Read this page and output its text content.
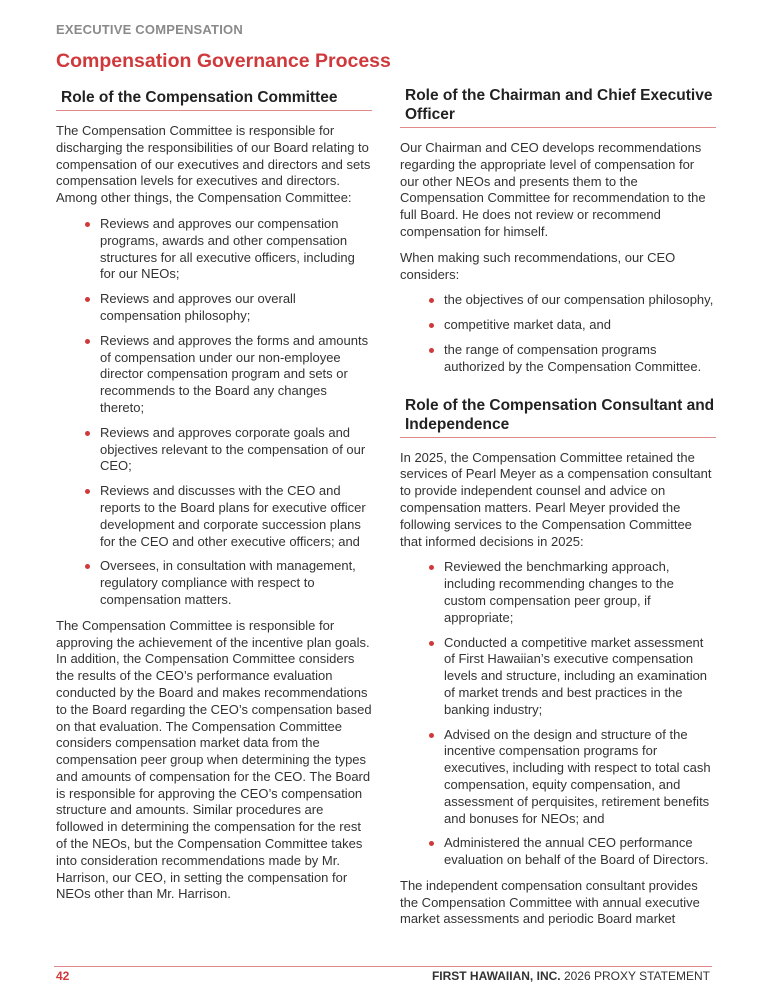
EXECUTIVE COMPENSATION
Compensation Governance Process
Role of the Compensation Committee

The Compensation Committee is responsible for discharging the responsibilities of our Board relating to compensation of our executives and directors and sets compensation levels for executives and directors. Among other things, the Compensation Committee:

Reviews and approves our compensation programs, awards and other compensation structures for all executive officers, including for our NEOs;
Reviews and approves our overall compensation philosophy;
Reviews and approves the forms and amounts of compensation under our non-employee director compensation program and sets or recommends to the Board any changes thereto;
Reviews and approves corporate goals and objectives relevant to the compensation of our CEO;
Reviews and discusses with the CEO and reports to the Board plans for executive officer development and corporate succession plans for the CEO and other executive officers; and
Oversees, in consultation with management, regulatory compliance with respect to compensation matters.

The Compensation Committee is responsible for approving the achievement of the incentive plan goals. In addition, the Compensation Committee considers the results of the CEO’s performance evaluation conducted by the Board and makes recommendations to the Board regarding the CEO’s compensation based on that evaluation. The Compensation Committee considers compensation market data from the compensation peer group when determining the types and amounts of compensation for the CEO. The Board is responsible for approving the CEO’s compensation structure and amounts. Similar procedures are followed in determining the compensation for the rest of the NEOs, but the Compensation Committee takes into consideration recommendations made by Mr. Harrison, our CEO, in setting the compensation for NEOs other than Mr. Harrison.

Role of the Chairman and Chief Executive Officer

Our Chairman and CEO develops recommendations regarding the appropriate level of compensation for our other NEOs and presents them to the Compensation Committee for recommendation to the full Board. He does not review or recommend compensation for himself.

When making such recommendations, our CEO considers:

the objectives of our compensation philosophy,
competitive market data, and
the range of compensation programs authorized by the Compensation Committee.
Role of the Compensation Consultant and Independence

In 2025, the Compensation Committee retained the services of Pearl Meyer as a compensation consultant to provide independent counsel and advice on compensation matters. Pearl Meyer provided the following services to the Compensation Committee that informed decisions in 2025:

Reviewed the benchmarking approach, including recommending changes to the custom compensation peer group, if appropriate;
Conducted a competitive market assessment of First Hawaiian’s executive compensation levels and structure, including an examination of market trends and best practices in the banking industry;
Advised on the design and structure of the incentive compensation programs for executives, including with respect to total cash compensation, equity compensation, and assessment of perquisites, retirement benefits and bonuses for NEOs; and
Administered the annual CEO performance evaluation on behalf of the Board of Directors.

The independent compensation consultant provides the Compensation Committee with annual executive market assessments and periodic Board market

42	FIRST HAWAIIAN, INC. 2026 PROXY STATEMENT
